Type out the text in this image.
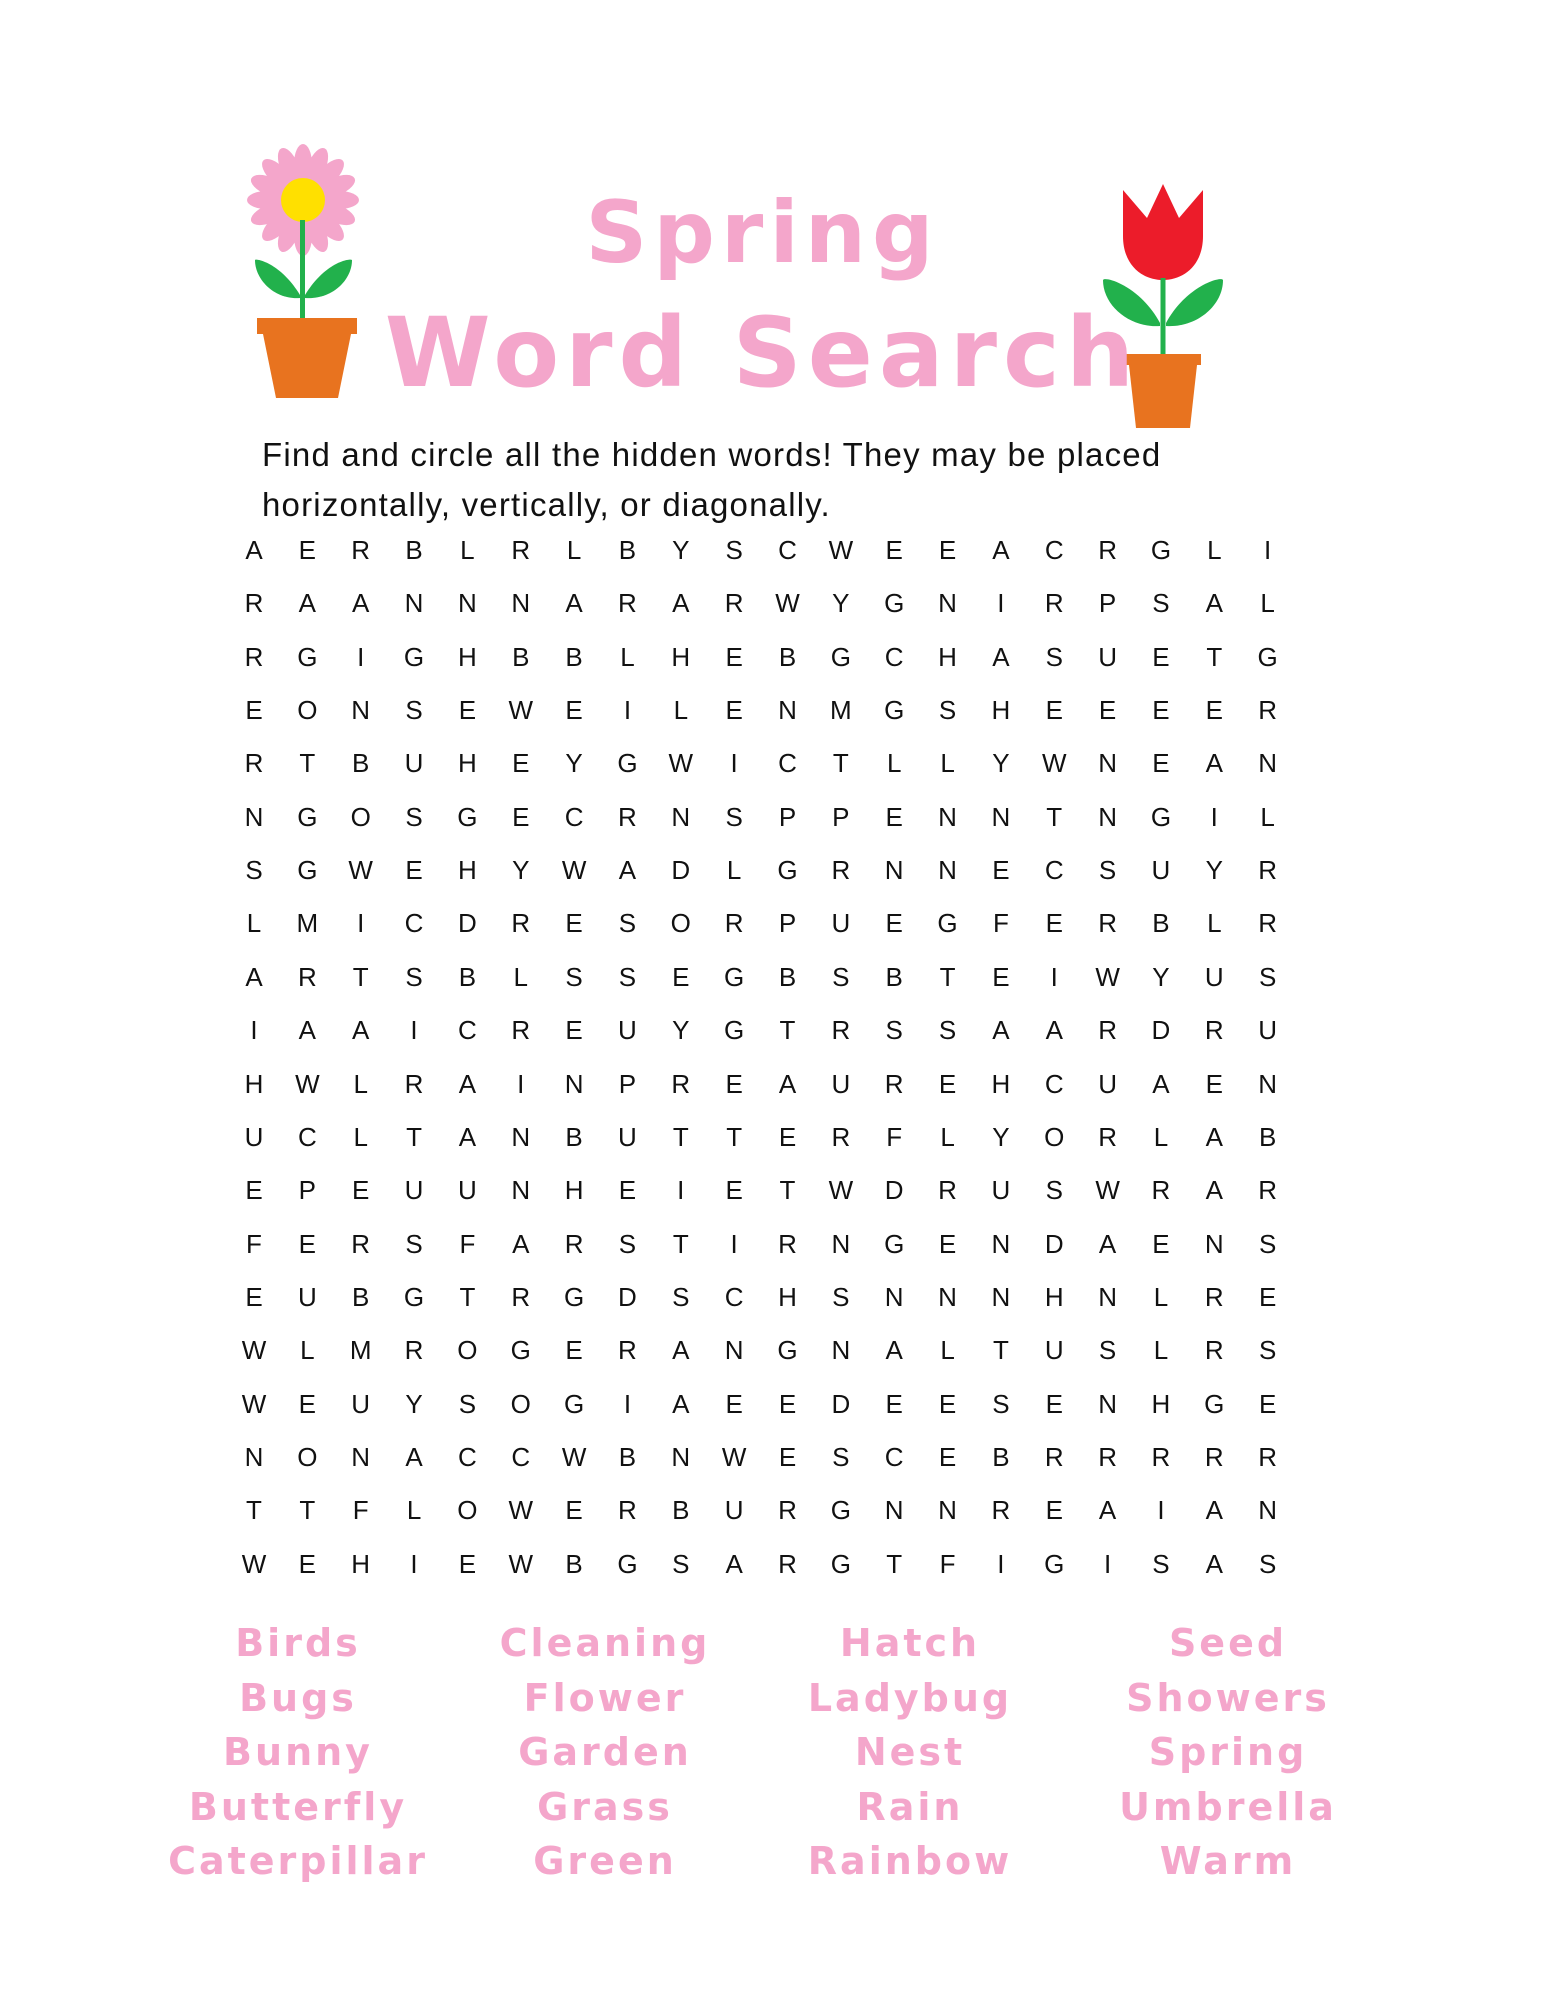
Spring
Word Search
Find and circle all the hidden words! They may be placed horizontally, vertically, or diagonally.
A	E	R	B	L	R	L	B	Y	S	C	W	E	E	A	C	R	G	L	I
R	A	A	N	N	N	A	R	A	R	W	Y	G	N	I	R	P	S	A	L
R	G	I	G	H	B	B	L	H	E	B	G	C	H	A	S	U	E	T	G
E	O	N	S	E	W	E	I	L	E	N	M	G	S	H	E	E	E	E	R
R	T	B	U	H	E	Y	G	W	I	C	T	L	L	Y	W	N	E	A	N
N	G	O	S	G	E	C	R	N	S	P	P	E	N	N	T	N	G	I	L
S	G	W	E	H	Y	W	A	D	L	G	R	N	N	E	C	S	U	Y	R
L	M	I	C	D	R	E	S	O	R	P	U	E	G	F	E	R	B	L	R
A	R	T	S	B	L	S	S	E	G	B	S	B	T	E	I	W	Y	U	S
I	A	A	I	C	R	E	U	Y	G	T	R	S	S	A	A	R	D	R	U
H	W	L	R	A	I	N	P	R	E	A	U	R	E	H	C	U	A	E	N
U	C	L	T	A	N	B	U	T	T	E	R	F	L	Y	O	R	L	A	B
E	P	E	U	U	N	H	E	I	E	T	W	D	R	U	S	W	R	A	R
F	E	R	S	F	A	R	S	T	I	R	N	G	E	N	D	A	E	N	S
E	U	B	G	T	R	G	D	S	C	H	S	N	N	N	H	N	L	R	E
W	L	M	R	O	G	E	R	A	N	G	N	A	L	T	U	S	L	R	S
W	E	U	Y	S	O	G	I	A	E	E	D	E	E	S	E	N	H	G	E
N	O	N	A	C	C	W	B	N	W	E	S	C	E	B	R	R	R	R	R
T	T	F	L	O	W	E	R	B	U	R	G	N	N	R	E	A	I	A	N
W	E	H	I	E	W	B	G	S	A	R	G	T	F	I	G	I	S	A	S
Birds
Bugs
Bunny
Butterfly
Caterpillar
Cleaning
Flower
Garden
Grass
Green
Hatch
Ladybug
Nest
Rain
Rainbow
Seed
Showers
Spring
Umbrella
Warm
